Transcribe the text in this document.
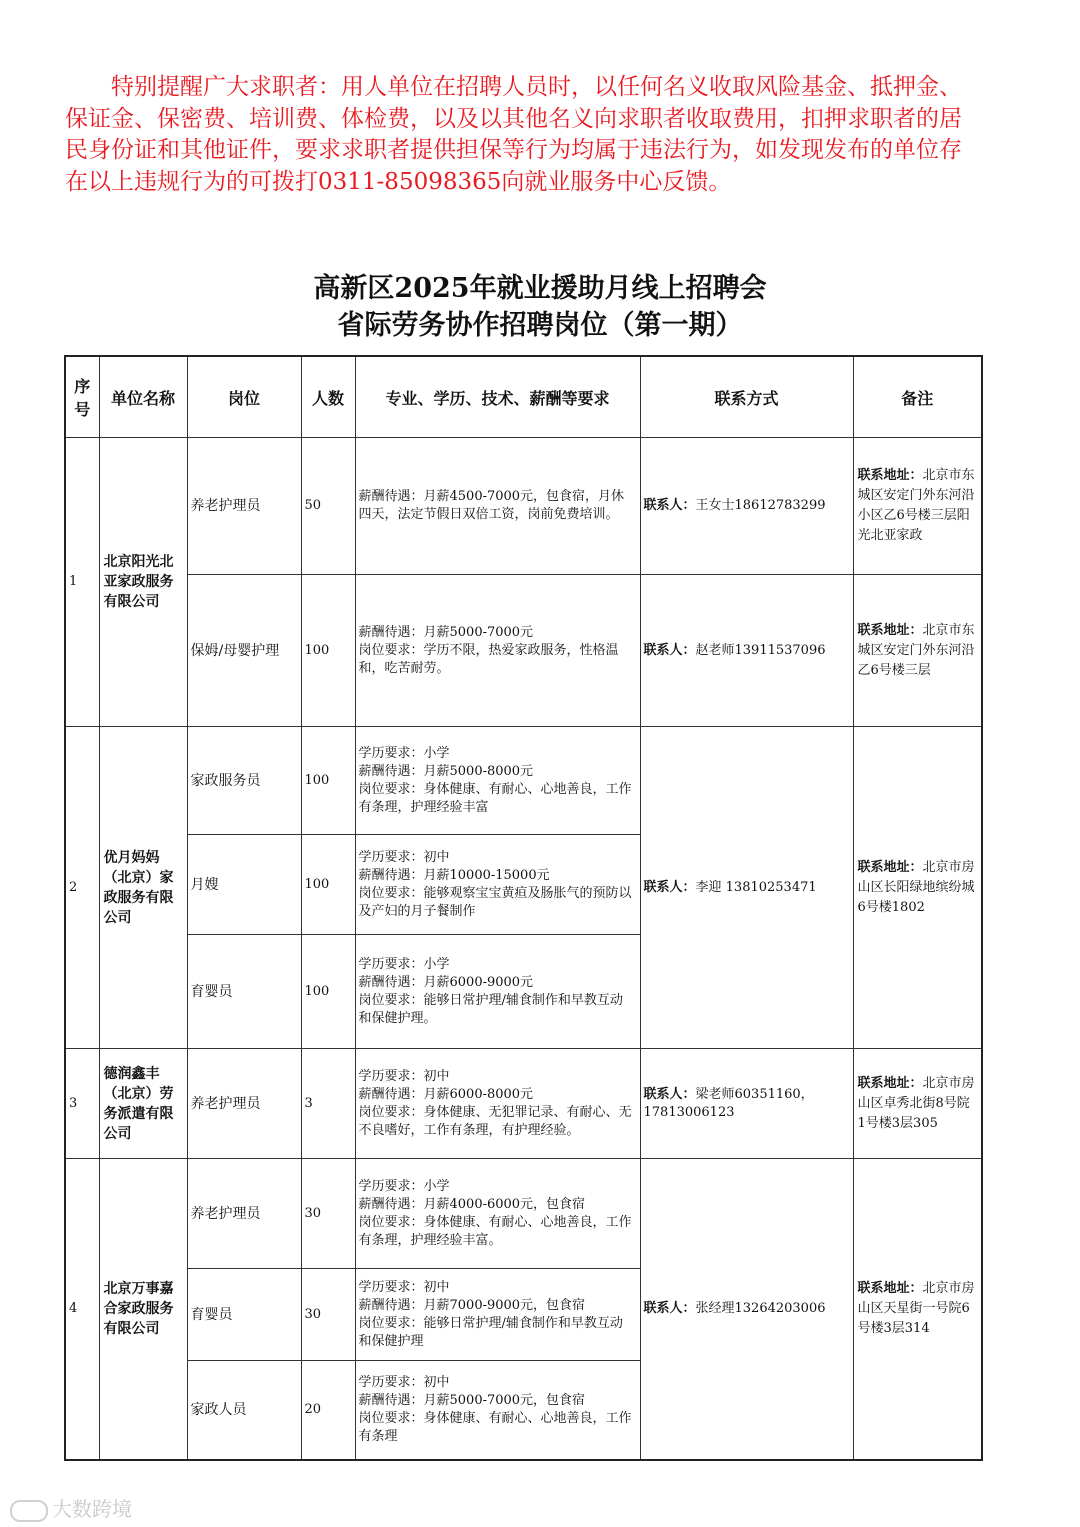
特别提醒广大求职者：用人单位在招聘人员时，以任何名义收取风险基金、抵押金、保证金、保密费、培训费、体检费，以及以其他名义向求职者收取费用，扣押求职者的居民身份证和其他证件，要求求职者提供担保等行为均属于违法行为，如发现发布的单位存在以上违规行为的可拨打0311-85098365向就业服务中心反馈。
高新区2025年就业援助月线上招聘会
省际劳务协作招聘岗位（第一期）
序号	单位名称	岗位	人数	专业、学历、技术、薪酬等要求	联系方式	备注
1	北京阳光北亚家政服务有限公司	养老护理员	50	薪酬待遇：月薪4500-7000元，包食宿，月休四天，法定节假日双倍工资，岗前免费培训。	联系人：王女士18612783299	联系地址：北京市东城区安定门外东河沿小区乙6号楼三层阳光北亚家政
		保姆/母婴护理	100	薪酬待遇：月薪5000-7000元
岗位要求：学历不限，热爱家政服务，性格温和，吃苦耐劳。	联系人：赵老师13911537096	联系地址：北京市东城区安定门外东河沿乙6号楼三层
2	优月妈妈（北京）家政服务有限公司	家政服务员	100	学历要求：小学
薪酬待遇：月薪5000-8000元
岗位要求：身体健康、有耐心、心地善良，工作有条理，护理经验丰富	联系人：李迎 13810253471	联系地址：北京市房山区长阳绿地缤纷城6号楼1802
		月嫂	100	学历要求：初中
薪酬待遇：月薪10000-15000元
岗位要求：能够观察宝宝黄疸及肠胀气的预防以及产妇的月子餐制作		

		育婴员	100	学历要求：小学
薪酬待遇：月薪6000-9000元
岗位要求：能够日常护理/辅食制作和早教互动和保健护理。		

3	德润鑫丰（北京）劳务派遣有限公司	养老护理员	3	学历要求：初中
薪酬待遇：月薪6000-8000元
岗位要求：身体健康、无犯罪记录、有耐心、无不良嗜好，工作有条理，有护理经验。	联系人：梁老师60351160，17813006123	联系地址：北京市房山区卓秀北街8号院1号楼3层305
4	北京万事嘉合家政服务有限公司	养老护理员	30	学历要求：小学
薪酬待遇：月薪4000-6000元，包食宿
岗位要求：身体健康、有耐心、心地善良，工作有条理，护理经验丰富。	联系人：张经理13264203006	联系地址：北京市房山区天星街一号院6号楼3层314
		育婴员	30	学历要求：初中
薪酬待遇：月薪7000-9000元，包食宿
岗位要求：能够日常护理/辅食制作和早教互动和保健护理		

		家政人员	20	学历要求：初中
薪酬待遇：月薪5000-7000元，包食宿
岗位要求：身体健康、有耐心、心地善良，工作有条理		
大数跨境
